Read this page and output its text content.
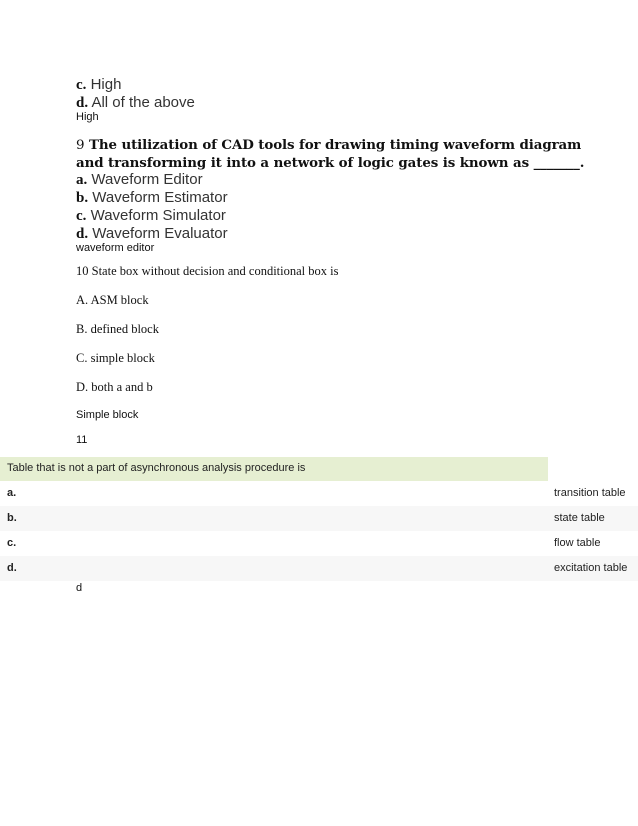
c. High
d. All of the above
High
9 The utilization of CAD tools for drawing timing waveform diagram
and transforming it into a network of logic gates is known as _______.
a. Waveform Editor
b. Waveform Estimator
c. Waveform Simulator
d. Waveform Evaluator
waveform editor
10 State box without decision and conditional box is
A. ASM block
B. defined block
C. simple block
D. both a and b
Simple block
11
Table that is not a part of asynchronous analysis procedure is
a.	transition table
b.	state table
c.	flow table
d.	excitation table
d
